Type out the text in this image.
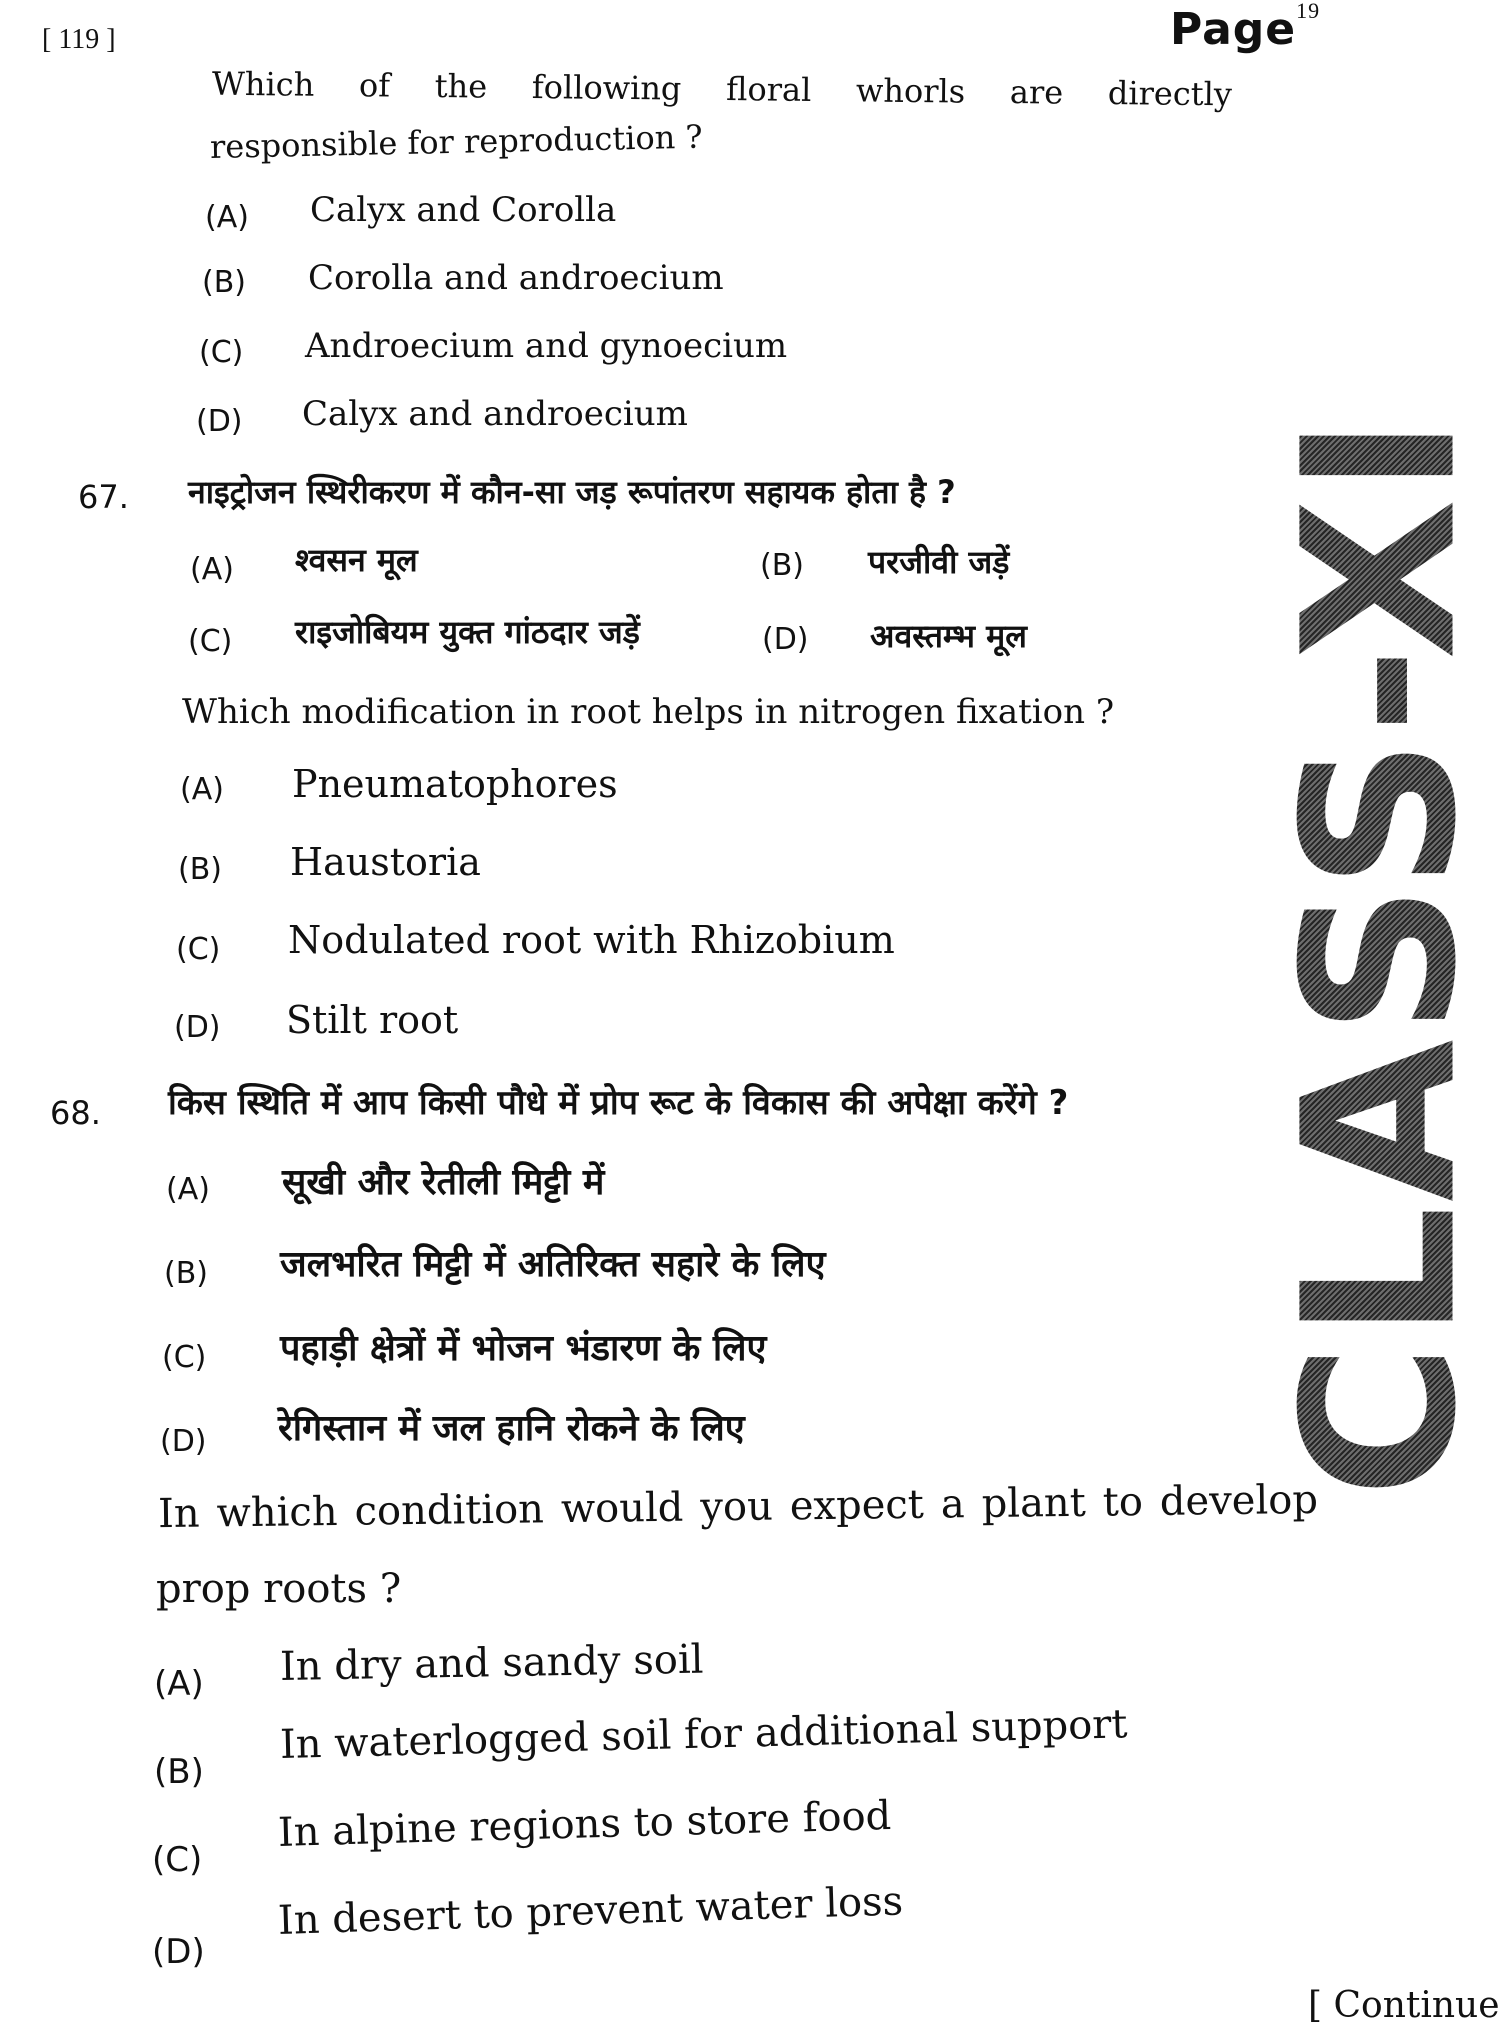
[ 119 ]	Page$^{19}$
CLASS-XI
Which of the following floral whorls are directly
responsible for reproduction ?
(A) Calyx and Corolla
(B) Corolla and androecium
(C) Androecium and gynoecium
(D) Calyx and androecium
67. नाइट्रोजन स्थिरीकरण में कौन-सा जड़ रूपांतरण सहायक होता है ?
(A) श्वसन मूल	(B) परजीवी जड़ें
(C) राइजोबियम युक्त गांठदार जड़ें	(D) अवस्तम्भ मूल
Which modification in root helps in nitrogen fixation ?
(A) Pneumatophores
(B) Haustoria
(C) Nodulated root with Rhizobium
(D) Stilt root
68. किस स्थिति में आप किसी पौधे में प्रोप रूट के विकास की अपेक्षा करेंगे ?
(A) सूखी और रेतीली मिट्टी में
(B) जलभरित मिट्टी में अतिरिक्त सहारे के लिए
(C) पहाड़ी क्षेत्रों में भोजन भंडारण के लिए
(D) रेगिस्तान में जल हानि रोकने के लिए
In which condition would you expect a plant to develop
prop roots ?
(A) In dry and sandy soil
(B)
In waterlogged soil for additional support
(C)
In alpine regions to store food
(D)
In desert to prevent water loss
[ Continue
